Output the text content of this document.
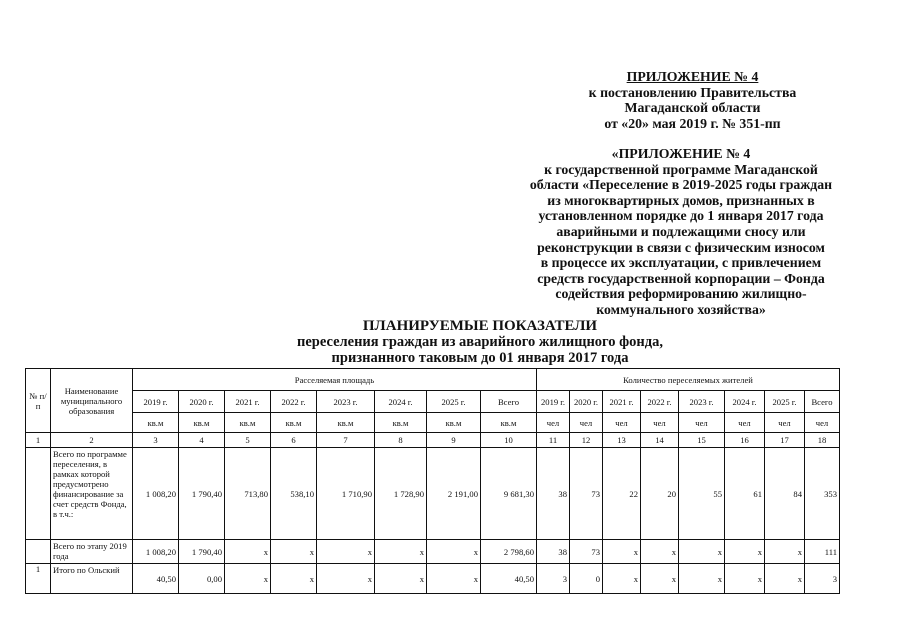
ПРИЛОЖЕНИЕ № 4
к постановлению Правительства
Магаданской области
от «20» мая 2019 г. № 351-пп
«ПРИЛОЖЕНИЕ № 4
к государственной программе Магаданской
области «Переселение в 2019-2025 годы граждан
из многоквартирных домов, признанных в
установленном порядке до 1 января 2017 года
аварийными и подлежащими сносу или
реконструкции в связи с физическим износом
в процессе их эксплуатации, с привлечением
средств государственной корпорации – Фонда
содействия реформированию жилищно-
коммунального хозяйства»
ПЛАНИРУЕМЫЕ ПОКАЗАТЕЛИ
переселения граждан из аварийного жилищного фонда,
признанного таковым до 01 января 2017 года
№ п/п	Наименование муниципального образования	Расселяемая площадь								Количество переселяемых жителей							
		2019 г.	2020 г.	2021 г.	2022 г.	2023 г.	2024 г.	2025 г.	Всего	2019 г.	2020 г.	2021 г.	2022 г.	2023 г.	2024 г.	2025 г.	Всего
		кв.м	кв.м	кв.м	кв.м	кв.м	кв.м	кв.м	кв.м	чел	чел	чел	чел	чел	чел	чел	чел
1	2	3	4	5	6	7	8	9	10	11	12	13	14	15	16	17	18
	Всего по программе переселения, в рамках которой предусмотрено финансирование за счет средств Фонда, в т.ч.:	1 008,20	1 790,40	713,80	538,10	1 710,90	1 728,90	2 191,00	9 681,30	38	73	22	20	55	61	84	353
	Всего по этапу 2019 года	1 008,20	1 790,40	х	х	х	х	х	2 798,60	38	73	х	х	х	х	х	111
1	Итого по Ольский	40,50	0,00	х	х	х	х	х	40,50	3	0	х	х	х	х	х	3
